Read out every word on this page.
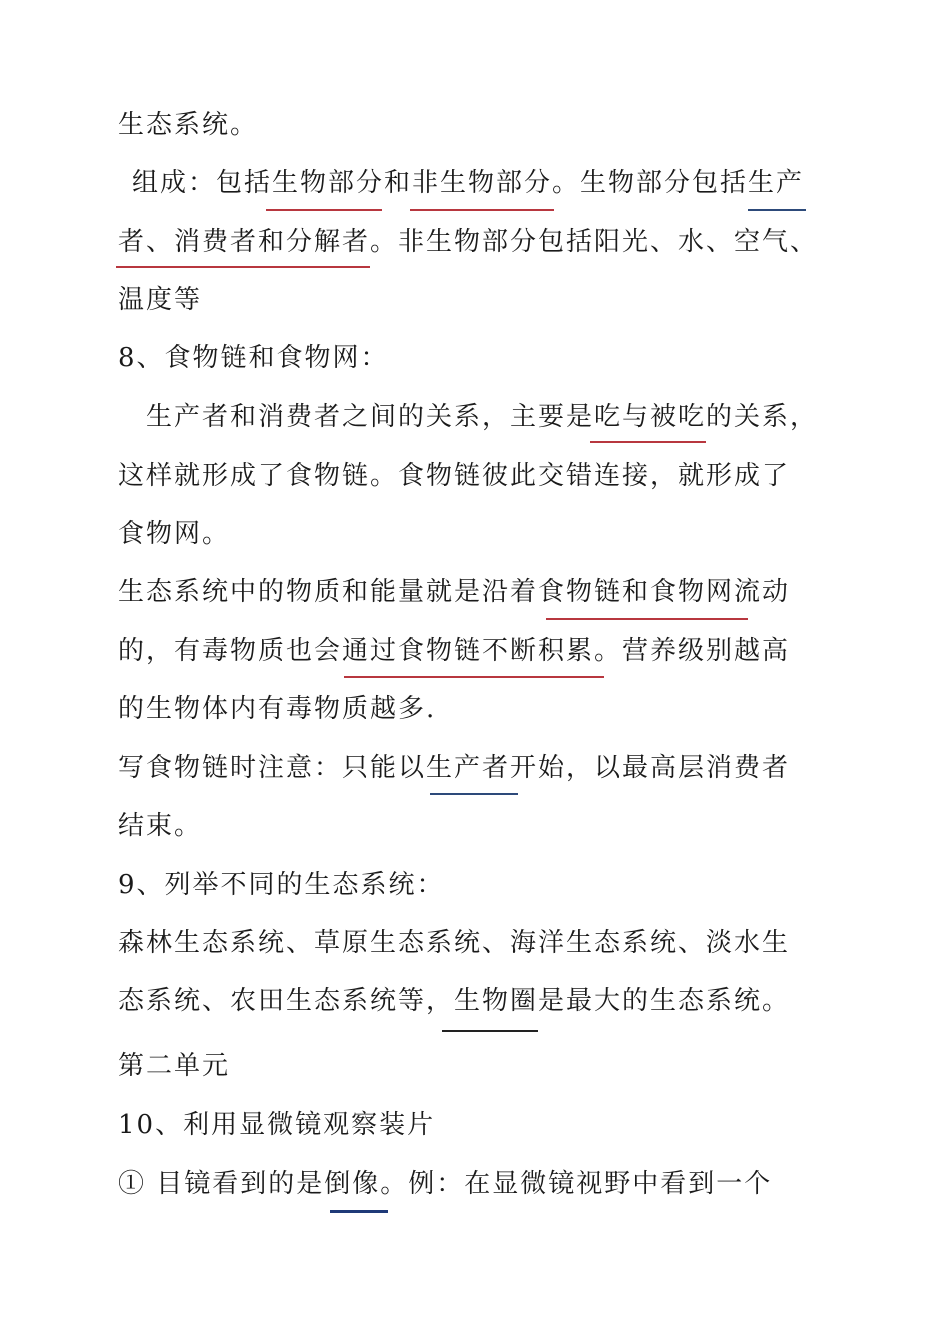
生态系统。
组成：包括生物部分和非生物部分。生物部分包括生产
者、消费者和分解者。非生物部分包括阳光、水、空气、
温度等
8、食物链和食物网：
生产者和消费者之间的关系，主要是吃与被吃的关系，
这样就形成了食物链。食物链彼此交错连接，就形成了
食物网。
生态系统中的物质和能量就是沿着食物链和食物网流动
的，有毒物质也会通过食物链不断积累。营养级别越高
的生物体内有毒物质越多.
写食物链时注意：只能以生产者开始，以最高层消费者
结束。
9、列举不同的生态系统：
森林生态系统、草原生态系统、海洋生态系统、淡水生
态系统、农田生态系统等，生物圈是最大的生态系统。
第二单元
10、利用显微镜观察装片
① 目镜看到的是倒像。例：在显微镜视野中看到一个
